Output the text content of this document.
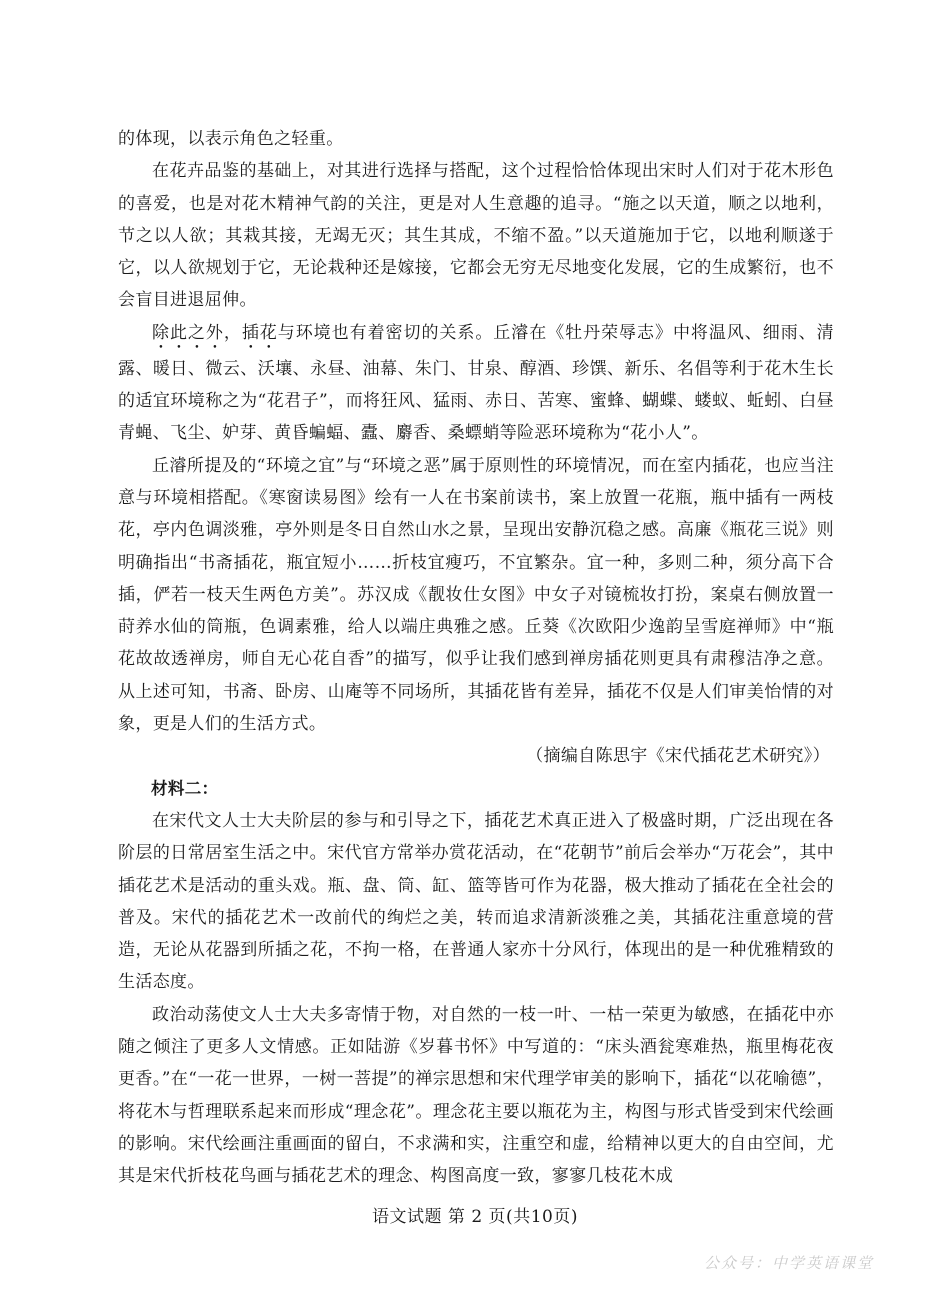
的体现，以表示角色之轻重。

在花卉品鉴的基础上，对其进行选择与搭配，这个过程恰恰体现出宋时人们对于花木形色的喜爱，也是对花木精神气韵的关注，更是对人生意趣的追寻。“施之以天道，顺之以地利，节之以人欲；其栽其接，无竭无灭；其生其成，不缩不盈。”以天道施加于它，以地利顺遂于它，以人欲规划于它，无论栽种还是嫁接，它都会无穷无尽地变化发展，它的生成繁衍，也不会盲目进退屈伸。

除此之外，插花与环境也有着密切的关系。丘濬在《牡丹荣辱志》中将温风、细雨、清露、暖日、微云、沃壤、永昼、油幕、朱门、甘泉、醇酒、珍馔、新乐、名倡等利于花木生长的适宜环境称之为“花君子”，而将狂风、猛雨、赤日、苦寒、蜜蜂、蝴蝶、蝼蚁、蚯蚓、白昼青蝇、飞尘、妒芽、黄昏蝙蝠、蠹、麝香、桑螵蛸等险恶环境称为“花小人”。

丘濬所提及的“环境之宜”与“环境之恶”属于原则性的环境情况，而在室内插花，也应当注意与环境相搭配。《寒窗读易图》绘有一人在书案前读书，案上放置一花瓶，瓶中插有一两枝花，亭内色调淡雅，亭外则是冬日自然山水之景，呈现出安静沉稳之感。高廉《瓶花三说》则明确指出“书斋插花，瓶宜短小……折枝宜瘦巧，不宜繁杂。宜一种，多则二种，须分高下合插，俨若一枝天生两色方美”。苏汉成《靓妆仕女图》中女子对镜梳妆打扮，案桌右侧放置一莳养水仙的筒瓶，色调素雅，给人以端庄典雅之感。丘葵《次欧阳少逸韵呈雪庭禅师》中“瓶花故故透禅房，师自无心花自香”的描写，似乎让我们感到禅房插花则更具有肃穆洁净之意。从上述可知，书斋、卧房、山庵等不同场所，其插花皆有差异，插花不仅是人们审美怡情的对象，更是人们的生活方式。

（摘编自陈思宇《宋代插花艺术研究》）

材料二：

在宋代文人士大夫阶层的参与和引导之下，插花艺术真正进入了极盛时期，广泛出现在各阶层的日常居室生活之中。宋代官方常举办赏花活动，在“花朝节”前后会举办“万花会”，其中插花艺术是活动的重头戏。瓶、盘、筒、缸、篮等皆可作为花器，极大推动了插花在全社会的普及。宋代的插花艺术一改前代的绚烂之美，转而追求清新淡雅之美，其插花注重意境的营造，无论从花器到所插之花，不拘一格，在普通人家亦十分风行，体现出的是一种优雅精致的生活态度。

政治动荡使文人士大夫多寄情于物，对自然的一枝一叶、一枯一荣更为敏感，在插花中亦随之倾注了更多人文情感。正如陆游《岁暮书怀》中写道的：“床头酒瓮寒难热，瓶里梅花夜更香。”在“一花一世界，一树一菩提”的禅宗思想和宋代理学审美的影响下，插花“以花喻德”，将花木与哲理联系起来而形成“理念花”。理念花主要以瓶花为主，构图与形式皆受到宋代绘画的影响。宋代绘画注重画面的留白，不求满和实，注重空和虚，给精神以更大的自由空间，尤其是宋代折枝花鸟画与插花艺术的理念、构图高度一致，寥寥几枝花木成

语文试题 第 2 页(共10页)
公众号：中学英语课堂
